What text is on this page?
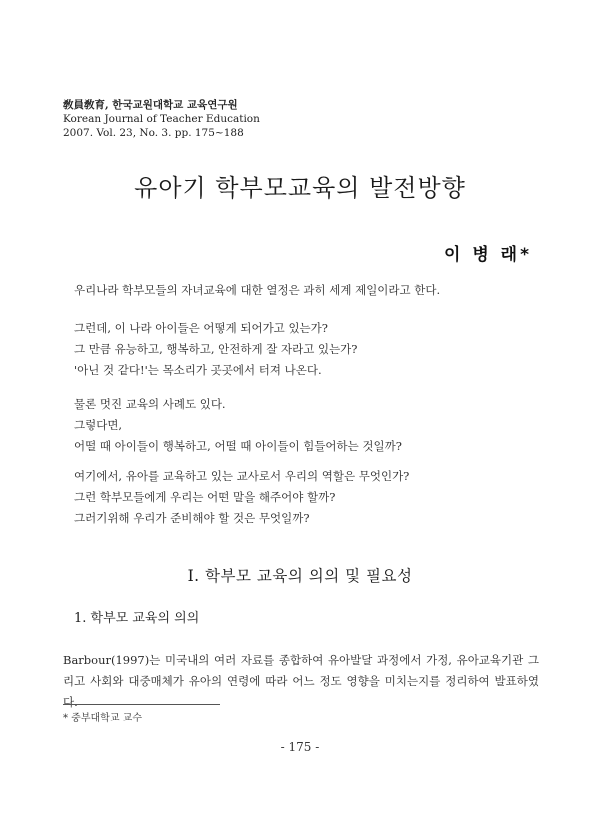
敎員敎育, 한국교원대학교 교육연구원
Korean Journal of Teacher Education
2007. Vol. 23, No. 3. pp. 175~188
유아기 학부모교육의 발전방향
이 병 래*

우리나라 학부모들의 자녀교육에 대한 열정은 과히 세계 제일이라고 한다.

그런데, 이 나라 아이들은 어떻게 되어가고 있는가?

그 만큼 유능하고, 행복하고, 안전하게 잘 자라고 있는가?

'아닌 것 같다!'는 목소리가 곳곳에서 터져 나온다.

물론 멋진 교육의 사례도 있다.

그렇다면,

어떨 때 아이들이 행복하고, 어떨 때 아이들이 힘들어하는 것일까?

여기에서, 유아를 교육하고 있는 교사로서 우리의 역할은 무엇인가?

그런 학부모들에게 우리는 어떤 말을 해주어야 할까?

그러기위해 우리가 준비해야 할 것은 무엇일까?

Ⅰ. 학부모 교육의 의의 및 필요성
1. 학부모 교육의 의의

Barbour(1997)는 미국내의 여러 자료를 종합하여 유아발달 과정에서 가정, 유아교육기관 그리고 사회와 대중매체가 유아의 연령에 따라 어느 정도 영향을 미치는지를 정리하여 발표하였다.

* 중부대학교 교수
- 175 -
